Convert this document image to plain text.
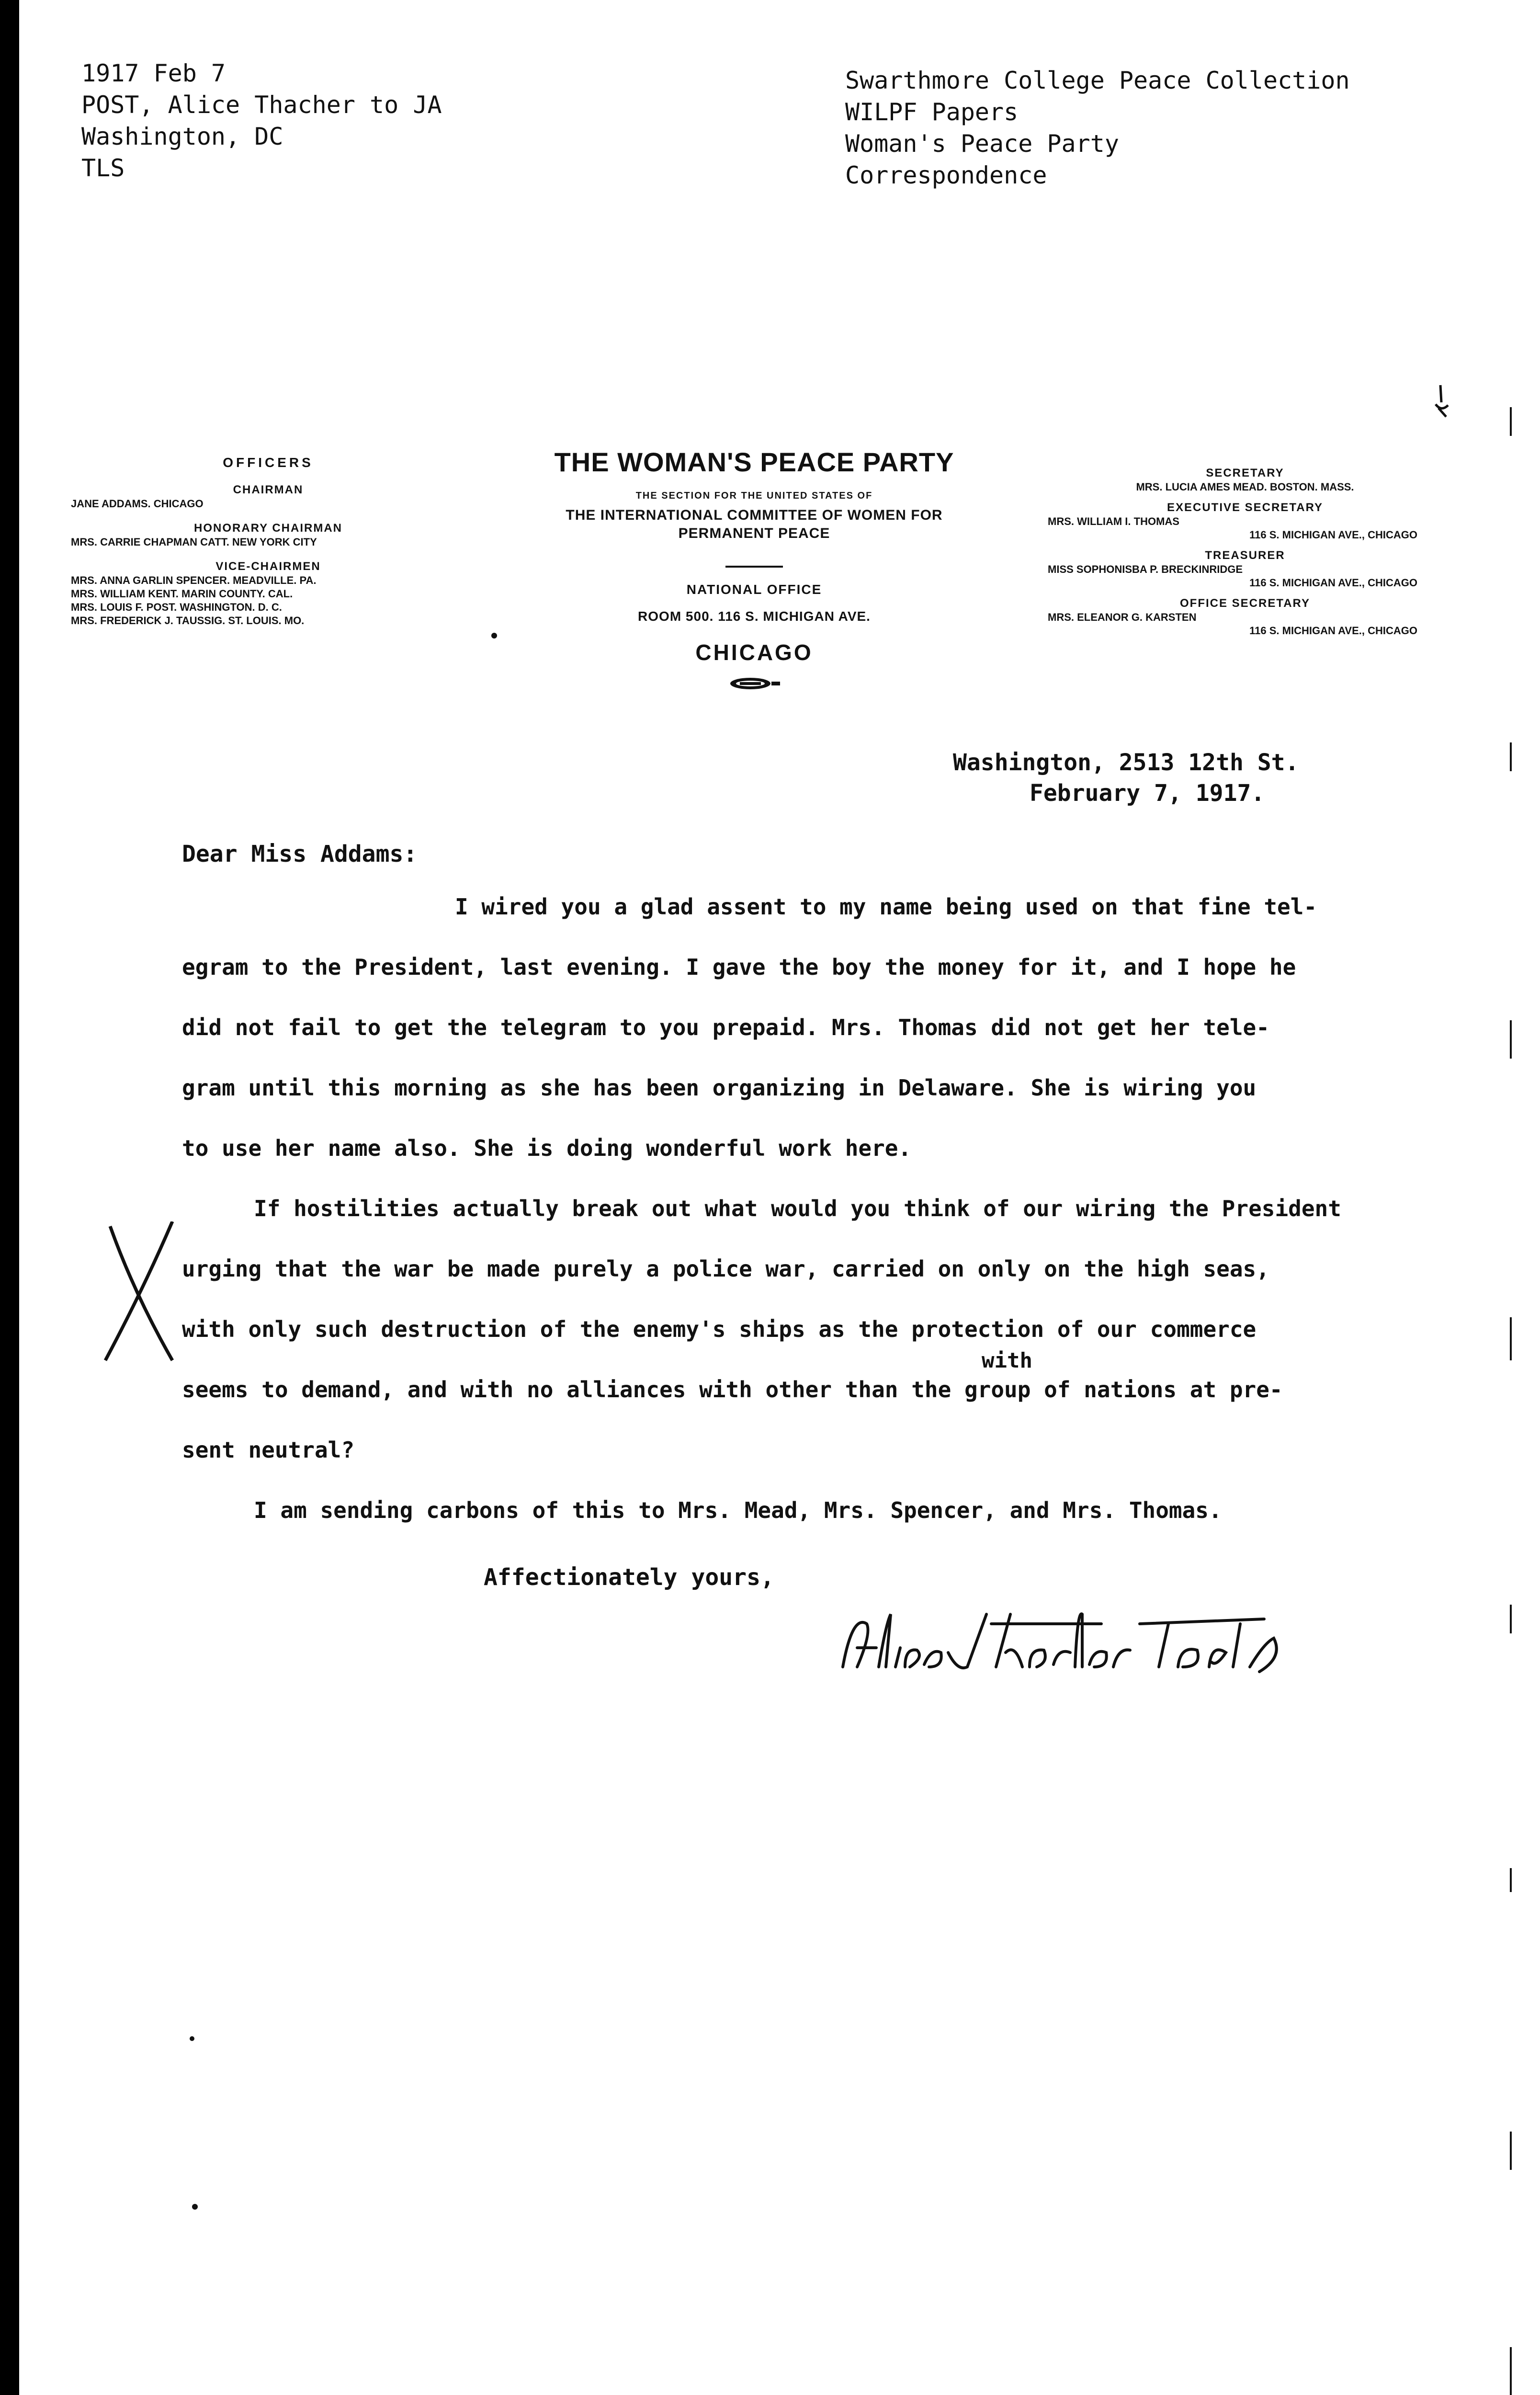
1917 Feb 7
POST, Alice Thacher to JA
Washington, DC
TLS
Swarthmore College Peace Collection
WILPF Papers
Woman's Peace Party
Correspondence
OFFICERS
CHAIRMAN
JANE ADDAMS. CHICAGO
HONORARY CHAIRMAN
MRS. CARRIE CHAPMAN CATT. NEW YORK CITY
VICE-CHAIRMEN
MRS. ANNA GARLIN SPENCER. MEADVILLE. PA.
MRS. WILLIAM KENT. MARIN COUNTY. CAL.
MRS. LOUIS F. POST. WASHINGTON. D. C.
MRS. FREDERICK J. TAUSSIG. ST. LOUIS. MO.
THE WOMAN'S PEACE PARTY
THE SECTION FOR THE UNITED STATES OF
THE INTERNATIONAL COMMITTEE OF WOMEN FOR
PERMANENT PEACE
NATIONAL OFFICE
ROOM 500. 116 S. MICHIGAN AVE.
CHICAGO
SECRETARY
MRS. LUCIA AMES MEAD. BOSTON. MASS.
EXECUTIVE SECRETARY
MRS. WILLIAM I. THOMAS
116 S. MICHIGAN AVE., CHICAGO
TREASURER
MISS SOPHONISBA P. BRECKINRIDGE
116 S. MICHIGAN AVE., CHICAGO
OFFICE SECRETARY
MRS. ELEANOR G. KARSTEN
116 S. MICHIGAN AVE., CHICAGO
Washington, 2513 12th St.
February 7, 1917.
Dear Miss Addams:

I wired you a glad assent to my name being used on that fine tel-

egram to the President, last evening. I gave the boy the money for it, and I hope he

did not fail to get the telegram to you prepaid. Mrs. Thomas did not get her tele-

gram until this morning as she has been organizing in Delaware. She is wiring you

to use her name also. She is doing wonderful work here.

If hostilities actually break out what would you think of our wiring the President

urging that the war be made purely a police war, carried on only on the high seas,

with only such destruction of the enemy's ships as the protection of our commerce

seems to demand, and with no alliances with other than the group of nations at pre-

sent neutral?

I am sending carbons of this to Mrs. Mead, Mrs. Spencer, and Mrs. Thomas.

with
Affectionately yours,
